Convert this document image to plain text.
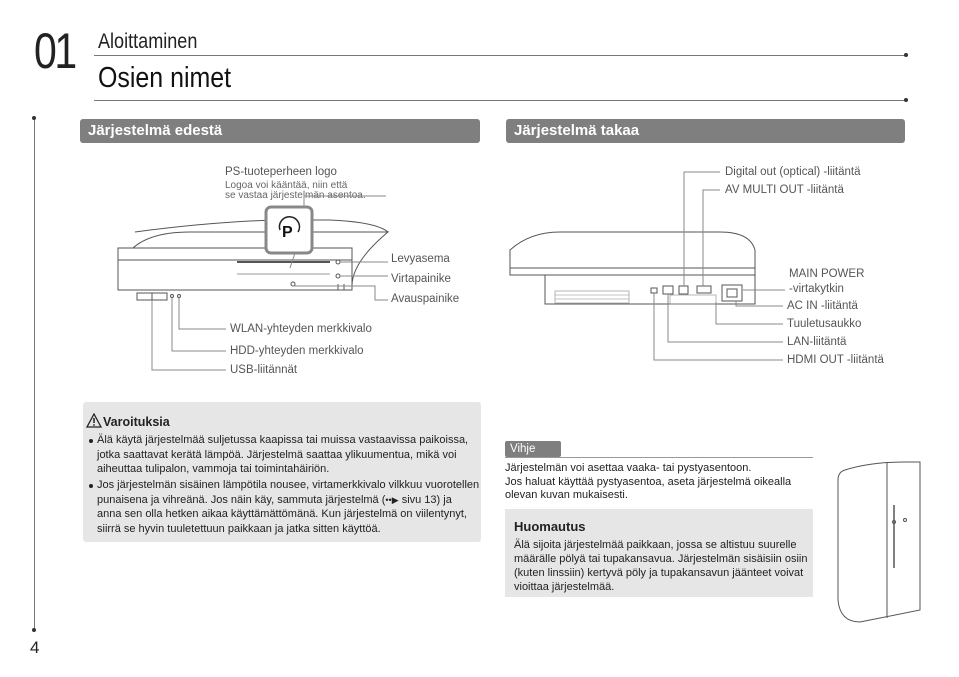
01 Aloittaminen
Osien nimet
Järjestelmä edestä	Järjestelmä takaa
PS-tuoteperheen logo
Logoa voi kääntää, niin että
se vastaa järjestelmän asentoa.
Levyasema
Virtapainike
Avauspainike
WLAN-yhteyden merkkivalo
HDD-yhteyden merkkivalo
USB-liitännät
Digital out (optical) -liitäntä
AV MULTI OUT -liitäntä
MAIN POWER
-virtakytkin
AC IN -liitäntä
Tuuletusaukko
LAN-liitäntä
HDMI OUT -liitäntä
P
Varoituksia
Älä käytä järjestelmää suljetussa kaapissa tai muissa vastaavissa paikoissa,
jotka saattavat kerätä lämpöä. Järjestelmä saattaa ylikuumentua, mikä voi
aiheuttaa tulipalon, vammoja tai toimintahäiriön.
Jos järjestelmän sisäinen lämpötila nousee, virtamerkkivalo vilkkuu vuorotellen
punaisena ja vihreänä. Jos näin käy, sammuta järjestelmä (••▶ sivu 13) ja
anna sen olla hetken aikaa käyttämättömänä. Kun järjestelmä on viilentynyt,
siirrä se hyvin tuuletettuun paikkaan ja jatka sitten käyttöä.
Vihje
Järjestelmän voi asettaa vaaka- tai pystyasentoon.
Jos haluat käyttää pystyasentoa, aseta järjestelmä oikealla
olevan kuvan mukaisesti.
Huomautus
Älä sijoita järjestelmää paikkaan, jossa se altistuu suurelle
määrälle pölyä tai tupakansavua. Järjestelmän sisäisiin osiin
(kuten linssiin) kertyvä pöly ja tupakansavun jäänteet voivat
vioittaa järjestelmää.
4
